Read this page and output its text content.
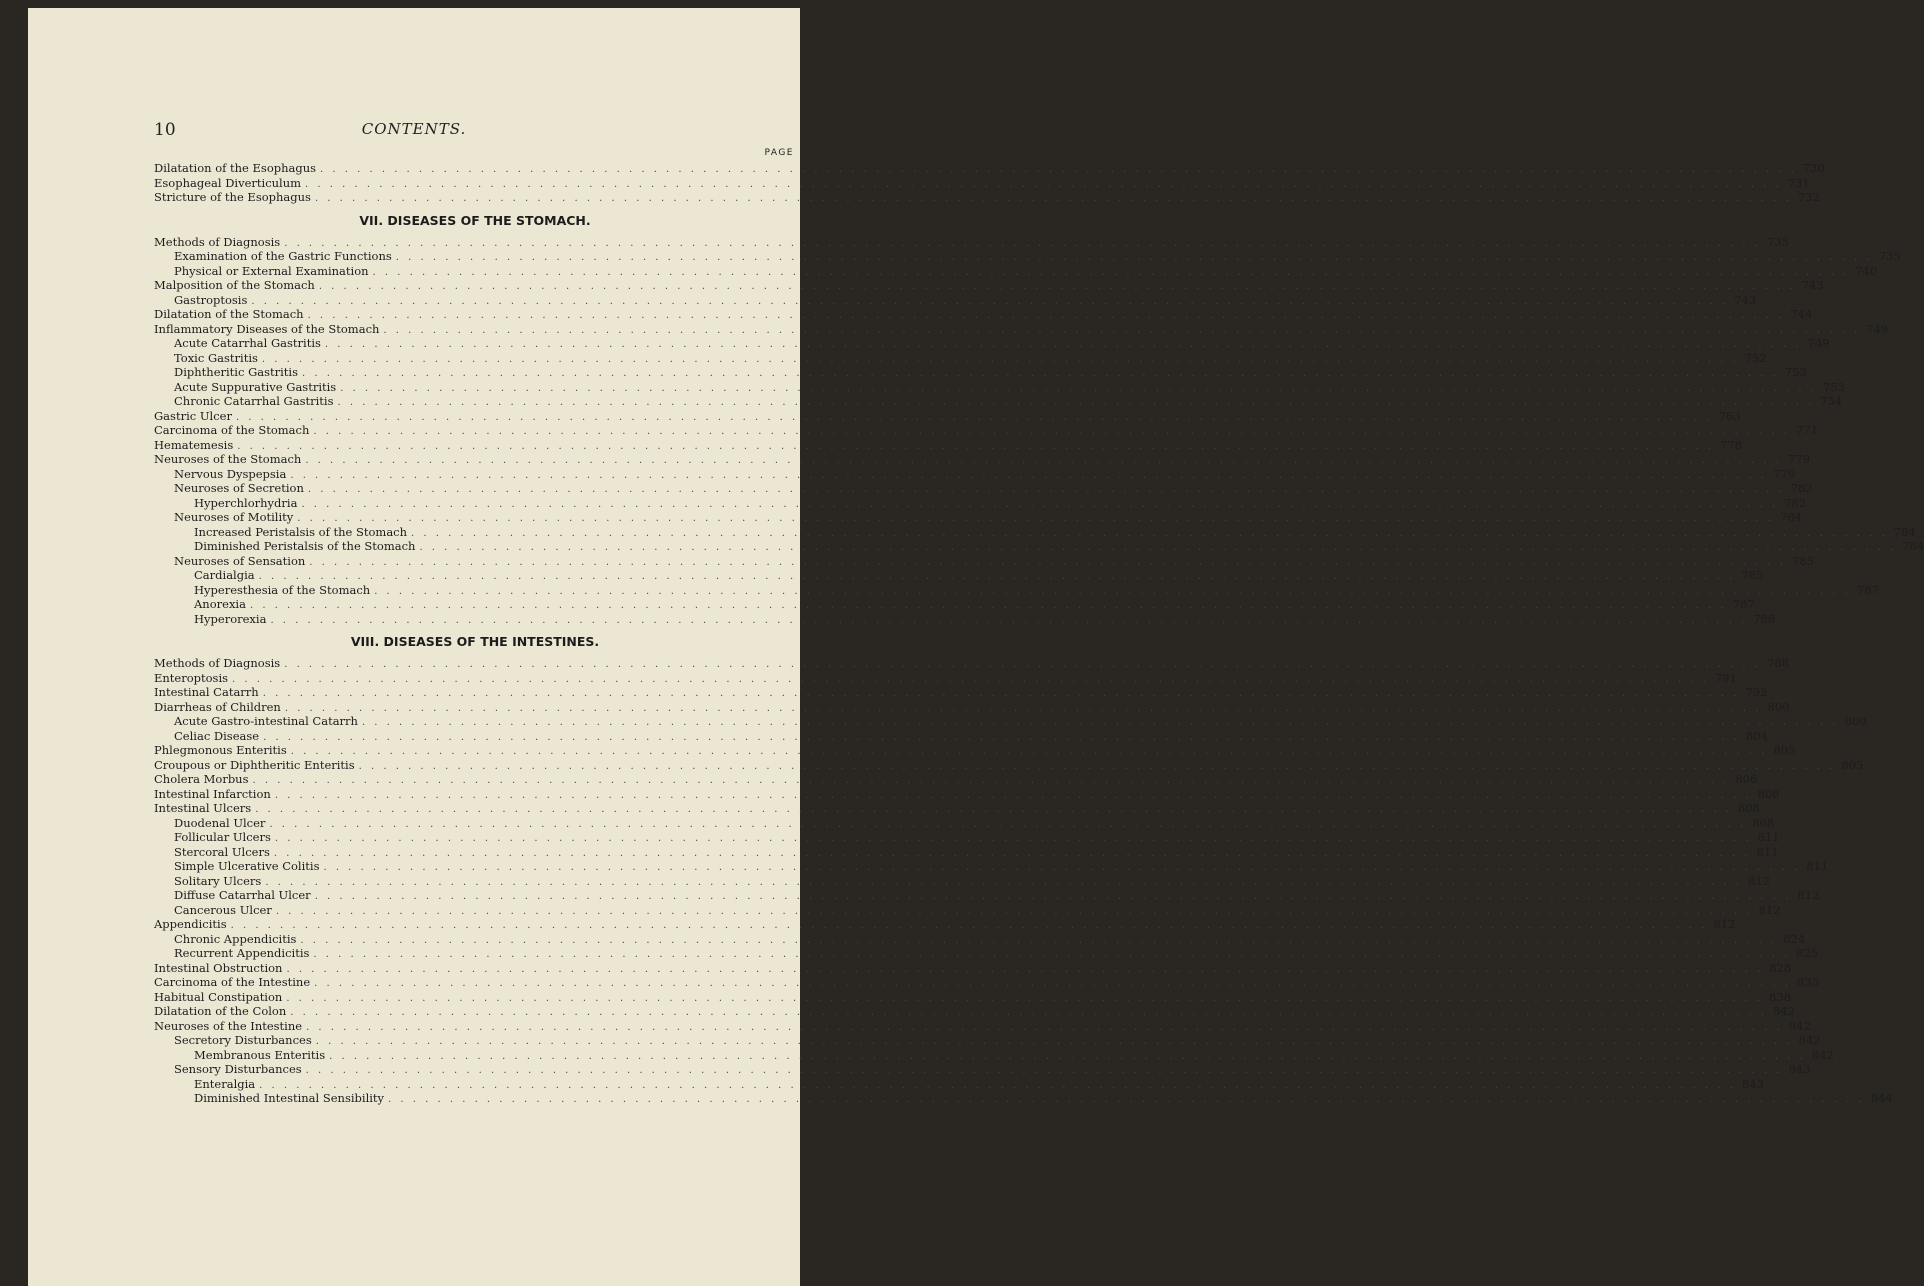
10	CONTENTS.
PAGE
Dilatation of the Esophagus . . . . . . . . . . . . . . . . . . . . . . . . . . . . . . . . . . . . . . . . . . . . . . . . . . . . . . . . . . . . . . . . . . . . . . . . . . . . . . . . . . . . . . . . . . . . . . . . . . . . . . . . . . . . . . . . . . . . . . . . 730
Esophageal Diverticulum . . . . . . . . . . . . . . . . . . . . . . . . . . . . . . . . . . . . . . . . . . . . . . . . . . . . . . . . . . . . . . . . . . . . . . . . . . . . . . . . . . . . . . . . . . . . . . . . . . . . . . . . . . . . . . . . . . . . . . . . 731
Stricture of the Esophagus . . . . . . . . . . . . . . . . . . . . . . . . . . . . . . . . . . . . . . . . . . . . . . . . . . . . . . . . . . . . . . . . . . . . . . . . . . . . . . . . . . . . . . . . . . . . . . . . . . . . . . . . . . . . . . . . . . . . . . . . 732
VII. DISEASES OF THE STOMACH.
Methods of Diagnosis . . . . . . . . . . . . . . . . . . . . . . . . . . . . . . . . . . . . . . . . . . . . . . . . . . . . . . . . . . . . . . . . . . . . . . . . . . . . . . . . . . . . . . . . . . . . . . . . . . . . . . . . . . . . . . . . . . . . . . . . 735
Examination of the Gastric Functions . . . . . . . . . . . . . . . . . . . . . . . . . . . . . . . . . . . . . . . . . . . . . . . . . . . . . . . . . . . . . . . . . . . . . . . . . . . . . . . . . . . . . . . . . . . . . . . . . . . . . . . . . . . . . . . . . . . . . . . . 735
Physical or External Examination . . . . . . . . . . . . . . . . . . . . . . . . . . . . . . . . . . . . . . . . . . . . . . . . . . . . . . . . . . . . . . . . . . . . . . . . . . . . . . . . . . . . . . . . . . . . . . . . . . . . . . . . . . . . . . . . . . . . . . . . 740
Malposition of the Stomach . . . . . . . . . . . . . . . . . . . . . . . . . . . . . . . . . . . . . . . . . . . . . . . . . . . . . . . . . . . . . . . . . . . . . . . . . . . . . . . . . . . . . . . . . . . . . . . . . . . . . . . . . . . . . . . . . . . . . . . . 743
Gastroptosis . . . . . . . . . . . . . . . . . . . . . . . . . . . . . . . . . . . . . . . . . . . . . . . . . . . . . . . . . . . . . . . . . . . . . . . . . . . . . . . . . . . . . . . . . . . . . . . . . . . . . . . . . . . . . . . . . . . . . . . . 743
Dilatation of the Stomach . . . . . . . . . . . . . . . . . . . . . . . . . . . . . . . . . . . . . . . . . . . . . . . . . . . . . . . . . . . . . . . . . . . . . . . . . . . . . . . . . . . . . . . . . . . . . . . . . . . . . . . . . . . . . . . . . . . . . . . . 744
Inflammatory Diseases of the Stomach . . . . . . . . . . . . . . . . . . . . . . . . . . . . . . . . . . . . . . . . . . . . . . . . . . . . . . . . . . . . . . . . . . . . . . . . . . . . . . . . . . . . . . . . . . . . . . . . . . . . . . . . . . . . . . . . . . . . . . . . 749
Acute Catarrhal Gastritis . . . . . . . . . . . . . . . . . . . . . . . . . . . . . . . . . . . . . . . . . . . . . . . . . . . . . . . . . . . . . . . . . . . . . . . . . . . . . . . . . . . . . . . . . . . . . . . . . . . . . . . . . . . . . . . . . . . . . . . . 749
Toxic Gastritis . . . . . . . . . . . . . . . . . . . . . . . . . . . . . . . . . . . . . . . . . . . . . . . . . . . . . . . . . . . . . . . . . . . . . . . . . . . . . . . . . . . . . . . . . . . . . . . . . . . . . . . . . . . . . . . . . . . . . . . . 752
Diphtheritic Gastritis . . . . . . . . . . . . . . . . . . . . . . . . . . . . . . . . . . . . . . . . . . . . . . . . . . . . . . . . . . . . . . . . . . . . . . . . . . . . . . . . . . . . . . . . . . . . . . . . . . . . . . . . . . . . . . . . . . . . . . . . 753
Acute Suppurative Gastritis . . . . . . . . . . . . . . . . . . . . . . . . . . . . . . . . . . . . . . . . . . . . . . . . . . . . . . . . . . . . . . . . . . . . . . . . . . . . . . . . . . . . . . . . . . . . . . . . . . . . . . . . . . . . . . . . . . . . . . . . 753
Chronic Catarrhal Gastritis . . . . . . . . . . . . . . . . . . . . . . . . . . . . . . . . . . . . . . . . . . . . . . . . . . . . . . . . . . . . . . . . . . . . . . . . . . . . . . . . . . . . . . . . . . . . . . . . . . . . . . . . . . . . . . . . . . . . . . . . 754
Gastric Ulcer . . . . . . . . . . . . . . . . . . . . . . . . . . . . . . . . . . . . . . . . . . . . . . . . . . . . . . . . . . . . . . . . . . . . . . . . . . . . . . . . . . . . . . . . . . . . . . . . . . . . . . . . . . . . . . . . . . . . . . . . 763
Carcinoma of the Stomach . . . . . . . . . . . . . . . . . . . . . . . . . . . . . . . . . . . . . . . . . . . . . . . . . . . . . . . . . . . . . . . . . . . . . . . . . . . . . . . . . . . . . . . . . . . . . . . . . . . . . . . . . . . . . . . . . . . . . . . . 771
Hematemesis . . . . . . . . . . . . . . . . . . . . . . . . . . . . . . . . . . . . . . . . . . . . . . . . . . . . . . . . . . . . . . . . . . . . . . . . . . . . . . . . . . . . . . . . . . . . . . . . . . . . . . . . . . . . . . . . . . . . . . . . 778
Neuroses of the Stomach . . . . . . . . . . . . . . . . . . . . . . . . . . . . . . . . . . . . . . . . . . . . . . . . . . . . . . . . . . . . . . . . . . . . . . . . . . . . . . . . . . . . . . . . . . . . . . . . . . . . . . . . . . . . . . . . . . . . . . . . 779
Nervous Dyspepsia . . . . . . . . . . . . . . . . . . . . . . . . . . . . . . . . . . . . . . . . . . . . . . . . . . . . . . . . . . . . . . . . . . . . . . . . . . . . . . . . . . . . . . . . . . . . . . . . . . . . . . . . . . . . . . . . . . . . . . . . 779
Neuroses of Secretion . . . . . . . . . . . . . . . . . . . . . . . . . . . . . . . . . . . . . . . . . . . . . . . . . . . . . . . . . . . . . . . . . . . . . . . . . . . . . . . . . . . . . . . . . . . . . . . . . . . . . . . . . . . . . . . . . . . . . . . . 782
Hyperchlorhydria . . . . . . . . . . . . . . . . . . . . . . . . . . . . . . . . . . . . . . . . . . . . . . . . . . . . . . . . . . . . . . . . . . . . . . . . . . . . . . . . . . . . . . . . . . . . . . . . . . . . . . . . . . . . . . . . . . . . . . . . 782
Neuroses of Motility . . . . . . . . . . . . . . . . . . . . . . . . . . . . . . . . . . . . . . . . . . . . . . . . . . . . . . . . . . . . . . . . . . . . . . . . . . . . . . . . . . . . . . . . . . . . . . . . . . . . . . . . . . . . . . . . . . . . . . . . 784
Increased Peristalsis of the Stomach . . . . . . . . . . . . . . . . . . . . . . . . . . . . . . . . . . . . . . . . . . . . . . . . . . . . . . . . . . . . . . . . . . . . . . . . . . . . . . . . . . . . . . . . . . . . . . . . . . . . . . . . . . . . . . . . . . . . . . . . 784
Diminished Peristalsis of the Stomach . . . . . . . . . . . . . . . . . . . . . . . . . . . . . . . . . . . . . . . . . . . . . . . . . . . . . . . . . . . . . . . . . . . . . . . . . . . . . . . . . . . . . . . . . . . . . . . . . . . . . . . . . . . . . . . . . . . . . . . . 784
Neuroses of Sensation . . . . . . . . . . . . . . . . . . . . . . . . . . . . . . . . . . . . . . . . . . . . . . . . . . . . . . . . . . . . . . . . . . . . . . . . . . . . . . . . . . . . . . . . . . . . . . . . . . . . . . . . . . . . . . . . . . . . . . . . 785
Cardialgia . . . . . . . . . . . . . . . . . . . . . . . . . . . . . . . . . . . . . . . . . . . . . . . . . . . . . . . . . . . . . . . . . . . . . . . . . . . . . . . . . . . . . . . . . . . . . . . . . . . . . . . . . . . . . . . . . . . . . . . . 785
Hyperesthesia of the Stomach . . . . . . . . . . . . . . . . . . . . . . . . . . . . . . . . . . . . . . . . . . . . . . . . . . . . . . . . . . . . . . . . . . . . . . . . . . . . . . . . . . . . . . . . . . . . . . . . . . . . . . . . . . . . . . . . . . . . . . . . 787
Anorexia . . . . . . . . . . . . . . . . . . . . . . . . . . . . . . . . . . . . . . . . . . . . . . . . . . . . . . . . . . . . . . . . . . . . . . . . . . . . . . . . . . . . . . . . . . . . . . . . . . . . . . . . . . . . . . . . . . . . . . . . 787
Hyperorexia . . . . . . . . . . . . . . . . . . . . . . . . . . . . . . . . . . . . . . . . . . . . . . . . . . . . . . . . . . . . . . . . . . . . . . . . . . . . . . . . . . . . . . . . . . . . . . . . . . . . . . . . . . . . . . . . . . . . . . . . 788
VIII. DISEASES OF THE INTESTINES.
Methods of Diagnosis . . . . . . . . . . . . . . . . . . . . . . . . . . . . . . . . . . . . . . . . . . . . . . . . . . . . . . . . . . . . . . . . . . . . . . . . . . . . . . . . . . . . . . . . . . . . . . . . . . . . . . . . . . . . . . . . . . . . . . . . 788
Enteroptosis . . . . . . . . . . . . . . . . . . . . . . . . . . . . . . . . . . . . . . . . . . . . . . . . . . . . . . . . . . . . . . . . . . . . . . . . . . . . . . . . . . . . . . . . . . . . . . . . . . . . . . . . . . . . . . . . . . . . . . . . 791
Intestinal Catarrh . . . . . . . . . . . . . . . . . . . . . . . . . . . . . . . . . . . . . . . . . . . . . . . . . . . . . . . . . . . . . . . . . . . . . . . . . . . . . . . . . . . . . . . . . . . . . . . . . . . . . . . . . . . . . . . . . . . . . . . . 792
Diarrheas of Children . . . . . . . . . . . . . . . . . . . . . . . . . . . . . . . . . . . . . . . . . . . . . . . . . . . . . . . . . . . . . . . . . . . . . . . . . . . . . . . . . . . . . . . . . . . . . . . . . . . . . . . . . . . . . . . . . . . . . . . . 800
Acute Gastro-intestinal Catarrh . . . . . . . . . . . . . . . . . . . . . . . . . . . . . . . . . . . . . . . . . . . . . . . . . . . . . . . . . . . . . . . . . . . . . . . . . . . . . . . . . . . . . . . . . . . . . . . . . . . . . . . . . . . . . . . . . . . . . . . . 800
Celiac Disease . . . . . . . . . . . . . . . . . . . . . . . . . . . . . . . . . . . . . . . . . . . . . . . . . . . . . . . . . . . . . . . . . . . . . . . . . . . . . . . . . . . . . . . . . . . . . . . . . . . . . . . . . . . . . . . . . . . . . . . . 804
Phlegmonous Enteritis . . . . . . . . . . . . . . . . . . . . . . . . . . . . . . . . . . . . . . . . . . . . . . . . . . . . . . . . . . . . . . . . . . . . . . . . . . . . . . . . . . . . . . . . . . . . . . . . . . . . . . . . . . . . . . . . . . . . . . . . 805
Croupous or Diphtheritic Enteritis . . . . . . . . . . . . . . . . . . . . . . . . . . . . . . . . . . . . . . . . . . . . . . . . . . . . . . . . . . . . . . . . . . . . . . . . . . . . . . . . . . . . . . . . . . . . . . . . . . . . . . . . . . . . . . . . . . . . . . . . 805
Cholera Morbus . . . . . . . . . . . . . . . . . . . . . . . . . . . . . . . . . . . . . . . . . . . . . . . . . . . . . . . . . . . . . . . . . . . . . . . . . . . . . . . . . . . . . . . . . . . . . . . . . . . . . . . . . . . . . . . . . . . . . . . . 806
Intestinal Infarction . . . . . . . . . . . . . . . . . . . . . . . . . . . . . . . . . . . . . . . . . . . . . . . . . . . . . . . . . . . . . . . . . . . . . . . . . . . . . . . . . . . . . . . . . . . . . . . . . . . . . . . . . . . . . . . . . . . . . . . . 808
Intestinal Ulcers . . . . . . . . . . . . . . . . . . . . . . . . . . . . . . . . . . . . . . . . . . . . . . . . . . . . . . . . . . . . . . . . . . . . . . . . . . . . . . . . . . . . . . . . . . . . . . . . . . . . . . . . . . . . . . . . . . . . . . . . 808
Duodenal Ulcer . . . . . . . . . . . . . . . . . . . . . . . . . . . . . . . . . . . . . . . . . . . . . . . . . . . . . . . . . . . . . . . . . . . . . . . . . . . . . . . . . . . . . . . . . . . . . . . . . . . . . . . . . . . . . . . . . . . . . . . . 808
Follicular Ulcers . . . . . . . . . . . . . . . . . . . . . . . . . . . . . . . . . . . . . . . . . . . . . . . . . . . . . . . . . . . . . . . . . . . . . . . . . . . . . . . . . . . . . . . . . . . . . . . . . . . . . . . . . . . . . . . . . . . . . . . . 811
Stercoral Ulcers . . . . . . . . . . . . . . . . . . . . . . . . . . . . . . . . . . . . . . . . . . . . . . . . . . . . . . . . . . . . . . . . . . . . . . . . . . . . . . . . . . . . . . . . . . . . . . . . . . . . . . . . . . . . . . . . . . . . . . . . 811
Simple Ulcerative Colitis . . . . . . . . . . . . . . . . . . . . . . . . . . . . . . . . . . . . . . . . . . . . . . . . . . . . . . . . . . . . . . . . . . . . . . . . . . . . . . . . . . . . . . . . . . . . . . . . . . . . . . . . . . . . . . . . . . . . . . . . 811
Solitary Ulcers . . . . . . . . . . . . . . . . . . . . . . . . . . . . . . . . . . . . . . . . . . . . . . . . . . . . . . . . . . . . . . . . . . . . . . . . . . . . . . . . . . . . . . . . . . . . . . . . . . . . . . . . . . . . . . . . . . . . . . . . 812
Diffuse Catarrhal Ulcer . . . . . . . . . . . . . . . . . . . . . . . . . . . . . . . . . . . . . . . . . . . . . . . . . . . . . . . . . . . . . . . . . . . . . . . . . . . . . . . . . . . . . . . . . . . . . . . . . . . . . . . . . . . . . . . . . . . . . . . . 812
Cancerous Ulcer . . . . . . . . . . . . . . . . . . . . . . . . . . . . . . . . . . . . . . . . . . . . . . . . . . . . . . . . . . . . . . . . . . . . . . . . . . . . . . . . . . . . . . . . . . . . . . . . . . . . . . . . . . . . . . . . . . . . . . . . 812
Appendicitis . . . . . . . . . . . . . . . . . . . . . . . . . . . . . . . . . . . . . . . . . . . . . . . . . . . . . . . . . . . . . . . . . . . . . . . . . . . . . . . . . . . . . . . . . . . . . . . . . . . . . . . . . . . . . . . . . . . . . . . . 812
Chronic Appendicitis . . . . . . . . . . . . . . . . . . . . . . . . . . . . . . . . . . . . . . . . . . . . . . . . . . . . . . . . . . . . . . . . . . . . . . . . . . . . . . . . . . . . . . . . . . . . . . . . . . . . . . . . . . . . . . . . . . . . . . . . 824
Recurrent Appendicitis . . . . . . . . . . . . . . . . . . . . . . . . . . . . . . . . . . . . . . . . . . . . . . . . . . . . . . . . . . . . . . . . . . . . . . . . . . . . . . . . . . . . . . . . . . . . . . . . . . . . . . . . . . . . . . . . . . . . . . . . 825
Intestinal Obstruction . . . . . . . . . . . . . . . . . . . . . . . . . . . . . . . . . . . . . . . . . . . . . . . . . . . . . . . . . . . . . . . . . . . . . . . . . . . . . . . . . . . . . . . . . . . . . . . . . . . . . . . . . . . . . . . . . . . . . . . . 828
Carcinoma of the Intestine . . . . . . . . . . . . . . . . . . . . . . . . . . . . . . . . . . . . . . . . . . . . . . . . . . . . . . . . . . . . . . . . . . . . . . . . . . . . . . . . . . . . . . . . . . . . . . . . . . . . . . . . . . . . . . . . . . . . . . . . 835
Habitual Constipation . . . . . . . . . . . . . . . . . . . . . . . . . . . . . . . . . . . . . . . . . . . . . . . . . . . . . . . . . . . . . . . . . . . . . . . . . . . . . . . . . . . . . . . . . . . . . . . . . . . . . . . . . . . . . . . . . . . . . . . . 838
Dilatation of the Colon . . . . . . . . . . . . . . . . . . . . . . . . . . . . . . . . . . . . . . . . . . . . . . . . . . . . . . . . . . . . . . . . . . . . . . . . . . . . . . . . . . . . . . . . . . . . . . . . . . . . . . . . . . . . . . . . . . . . . . . . 842
Neuroses of the Intestine . . . . . . . . . . . . . . . . . . . . . . . . . . . . . . . . . . . . . . . . . . . . . . . . . . . . . . . . . . . . . . . . . . . . . . . . . . . . . . . . . . . . . . . . . . . . . . . . . . . . . . . . . . . . . . . . . . . . . . . . 842
Secretory Disturbances . . . . . . . . . . . . . . . . . . . . . . . . . . . . . . . . . . . . . . . . . . . . . . . . . . . . . . . . . . . . . . . . . . . . . . . . . . . . . . . . . . . . . . . . . . . . . . . . . . . . . . . . . . . . . . . . . . . . . . . . 842
Membranous Enteritis . . . . . . . . . . . . . . . . . . . . . . . . . . . . . . . . . . . . . . . . . . . . . . . . . . . . . . . . . . . . . . . . . . . . . . . . . . . . . . . . . . . . . . . . . . . . . . . . . . . . . . . . . . . . . . . . . . . . . . . . 842
Sensory Disturbances . . . . . . . . . . . . . . . . . . . . . . . . . . . . . . . . . . . . . . . . . . . . . . . . . . . . . . . . . . . . . . . . . . . . . . . . . . . . . . . . . . . . . . . . . . . . . . . . . . . . . . . . . . . . . . . . . . . . . . . . 843
Enteralgia . . . . . . . . . . . . . . . . . . . . . . . . . . . . . . . . . . . . . . . . . . . . . . . . . . . . . . . . . . . . . . . . . . . . . . . . . . . . . . . . . . . . . . . . . . . . . . . . . . . . . . . . . . . . . . . . . . . . . . . . 843
Diminished Intestinal Sensibility . . . . . . . . . . . . . . . . . . . . . . . . . . . . . . . . . . . . . . . . . . . . . . . . . . . . . . . . . . . . . . . . . . . . . . . . . . . . . . . . . . . . . . . . . . . . . . . . . . . . . . . . . . . . . . . . . . . . . . . . 844
